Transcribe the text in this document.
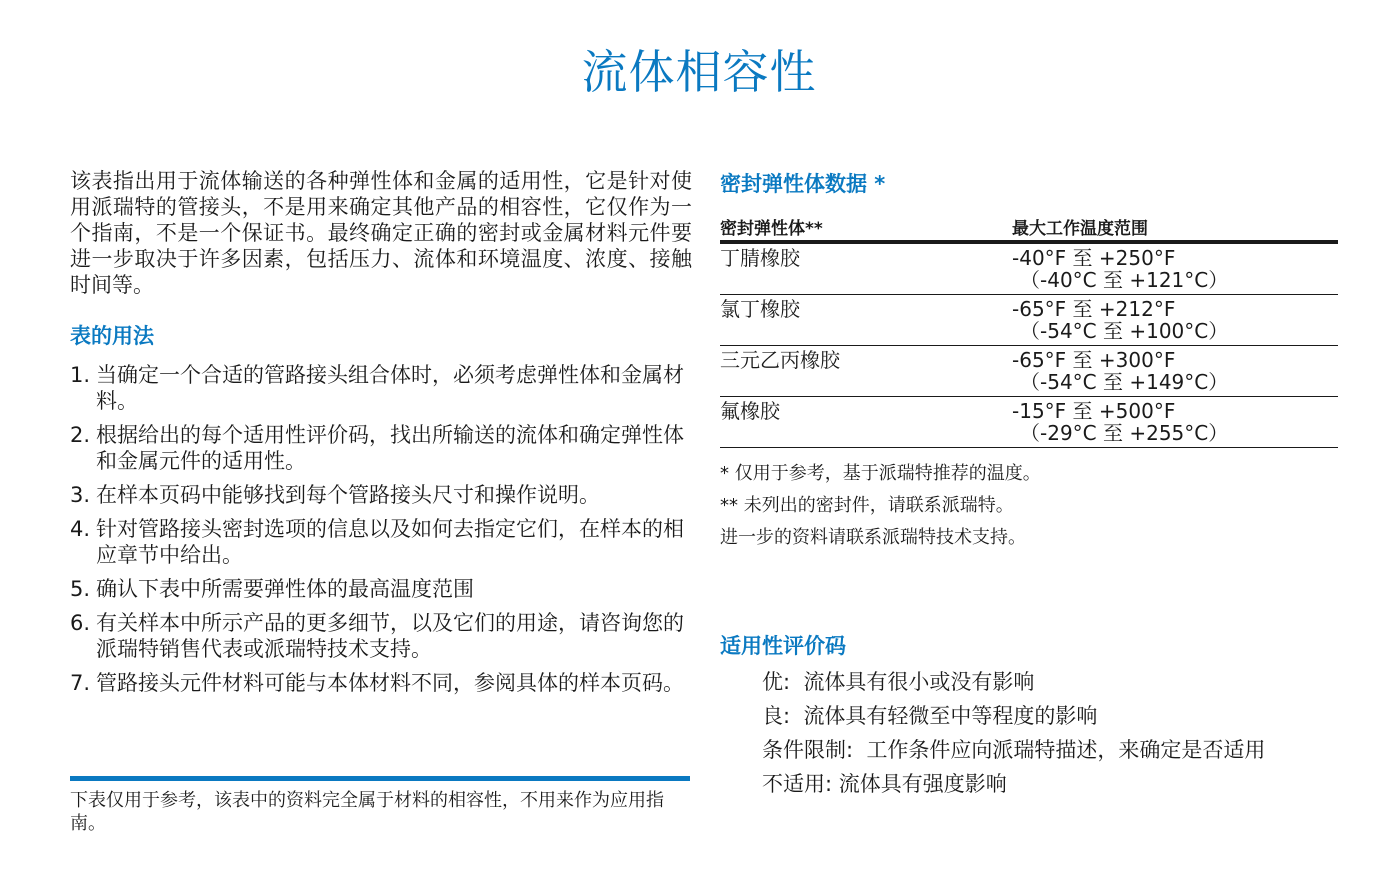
流体相容性

该表指出用于流体输送的各种弹性体和金属的适用性，它是针对使用派瑞特的管接头，不是用来确定其他产品的相容性，它仅作为一个指南，不是一个保证书。最终确定正确的密封或金属材料元件要进一步取决于许多因素，包括压力、流体和环境温度、浓度、接触时间等。

表的用法
1. 当确定一个合适的管路接头组合体时，必须考虑弹性体和金属材料。
2. 根据给出的每个适用性评价码，找出所输送的流体和确定弹性体和金属元件的适用性。
3. 在样本页码中能够找到每个管路接头尺寸和操作说明。
4. 针对管路接头密封选项的信息以及如何去指定它们，在样本的相应章节中给出。
5. 确认下表中所需要弹性体的最高温度范围
6. 有关样本中所示产品的更多细节，以及它们的用途，请咨询您的派瑞特销售代表或派瑞特技术支持。
7. 管路接头元件材料可能与本体材料不同，参阅具体的样本页码。
下表仅用于参考，该表中的资料完全属于材料的相容性，不用来作为应用指南。
密封弹性体数据 *
密封弹性体**	最大工作温度范围
丁腈橡胶	-40°F 至 +250°F
（-40°C 至 +121°C）

氯丁橡胶	-65°F 至 +212°F
（-54°C 至 +100°C）

三元乙丙橡胶	-65°F 至 +300°F
（-54°C 至 +149°C）

氟橡胶	-15°F 至 +500°F
（-29°C 至 +255°C）
* 仅用于参考，基于派瑞特推荐的温度。
** 未列出的密封件，请联系派瑞特。
进一步的资料请联系派瑞特技术支持。
适用性评价码
优: 流体具有很小或没有影响
良: 流体具有轻微至中等程度的影响
条件限制: 工作条件应向派瑞特描述，来确定是否适用
不适用: 流体具有强度影响
